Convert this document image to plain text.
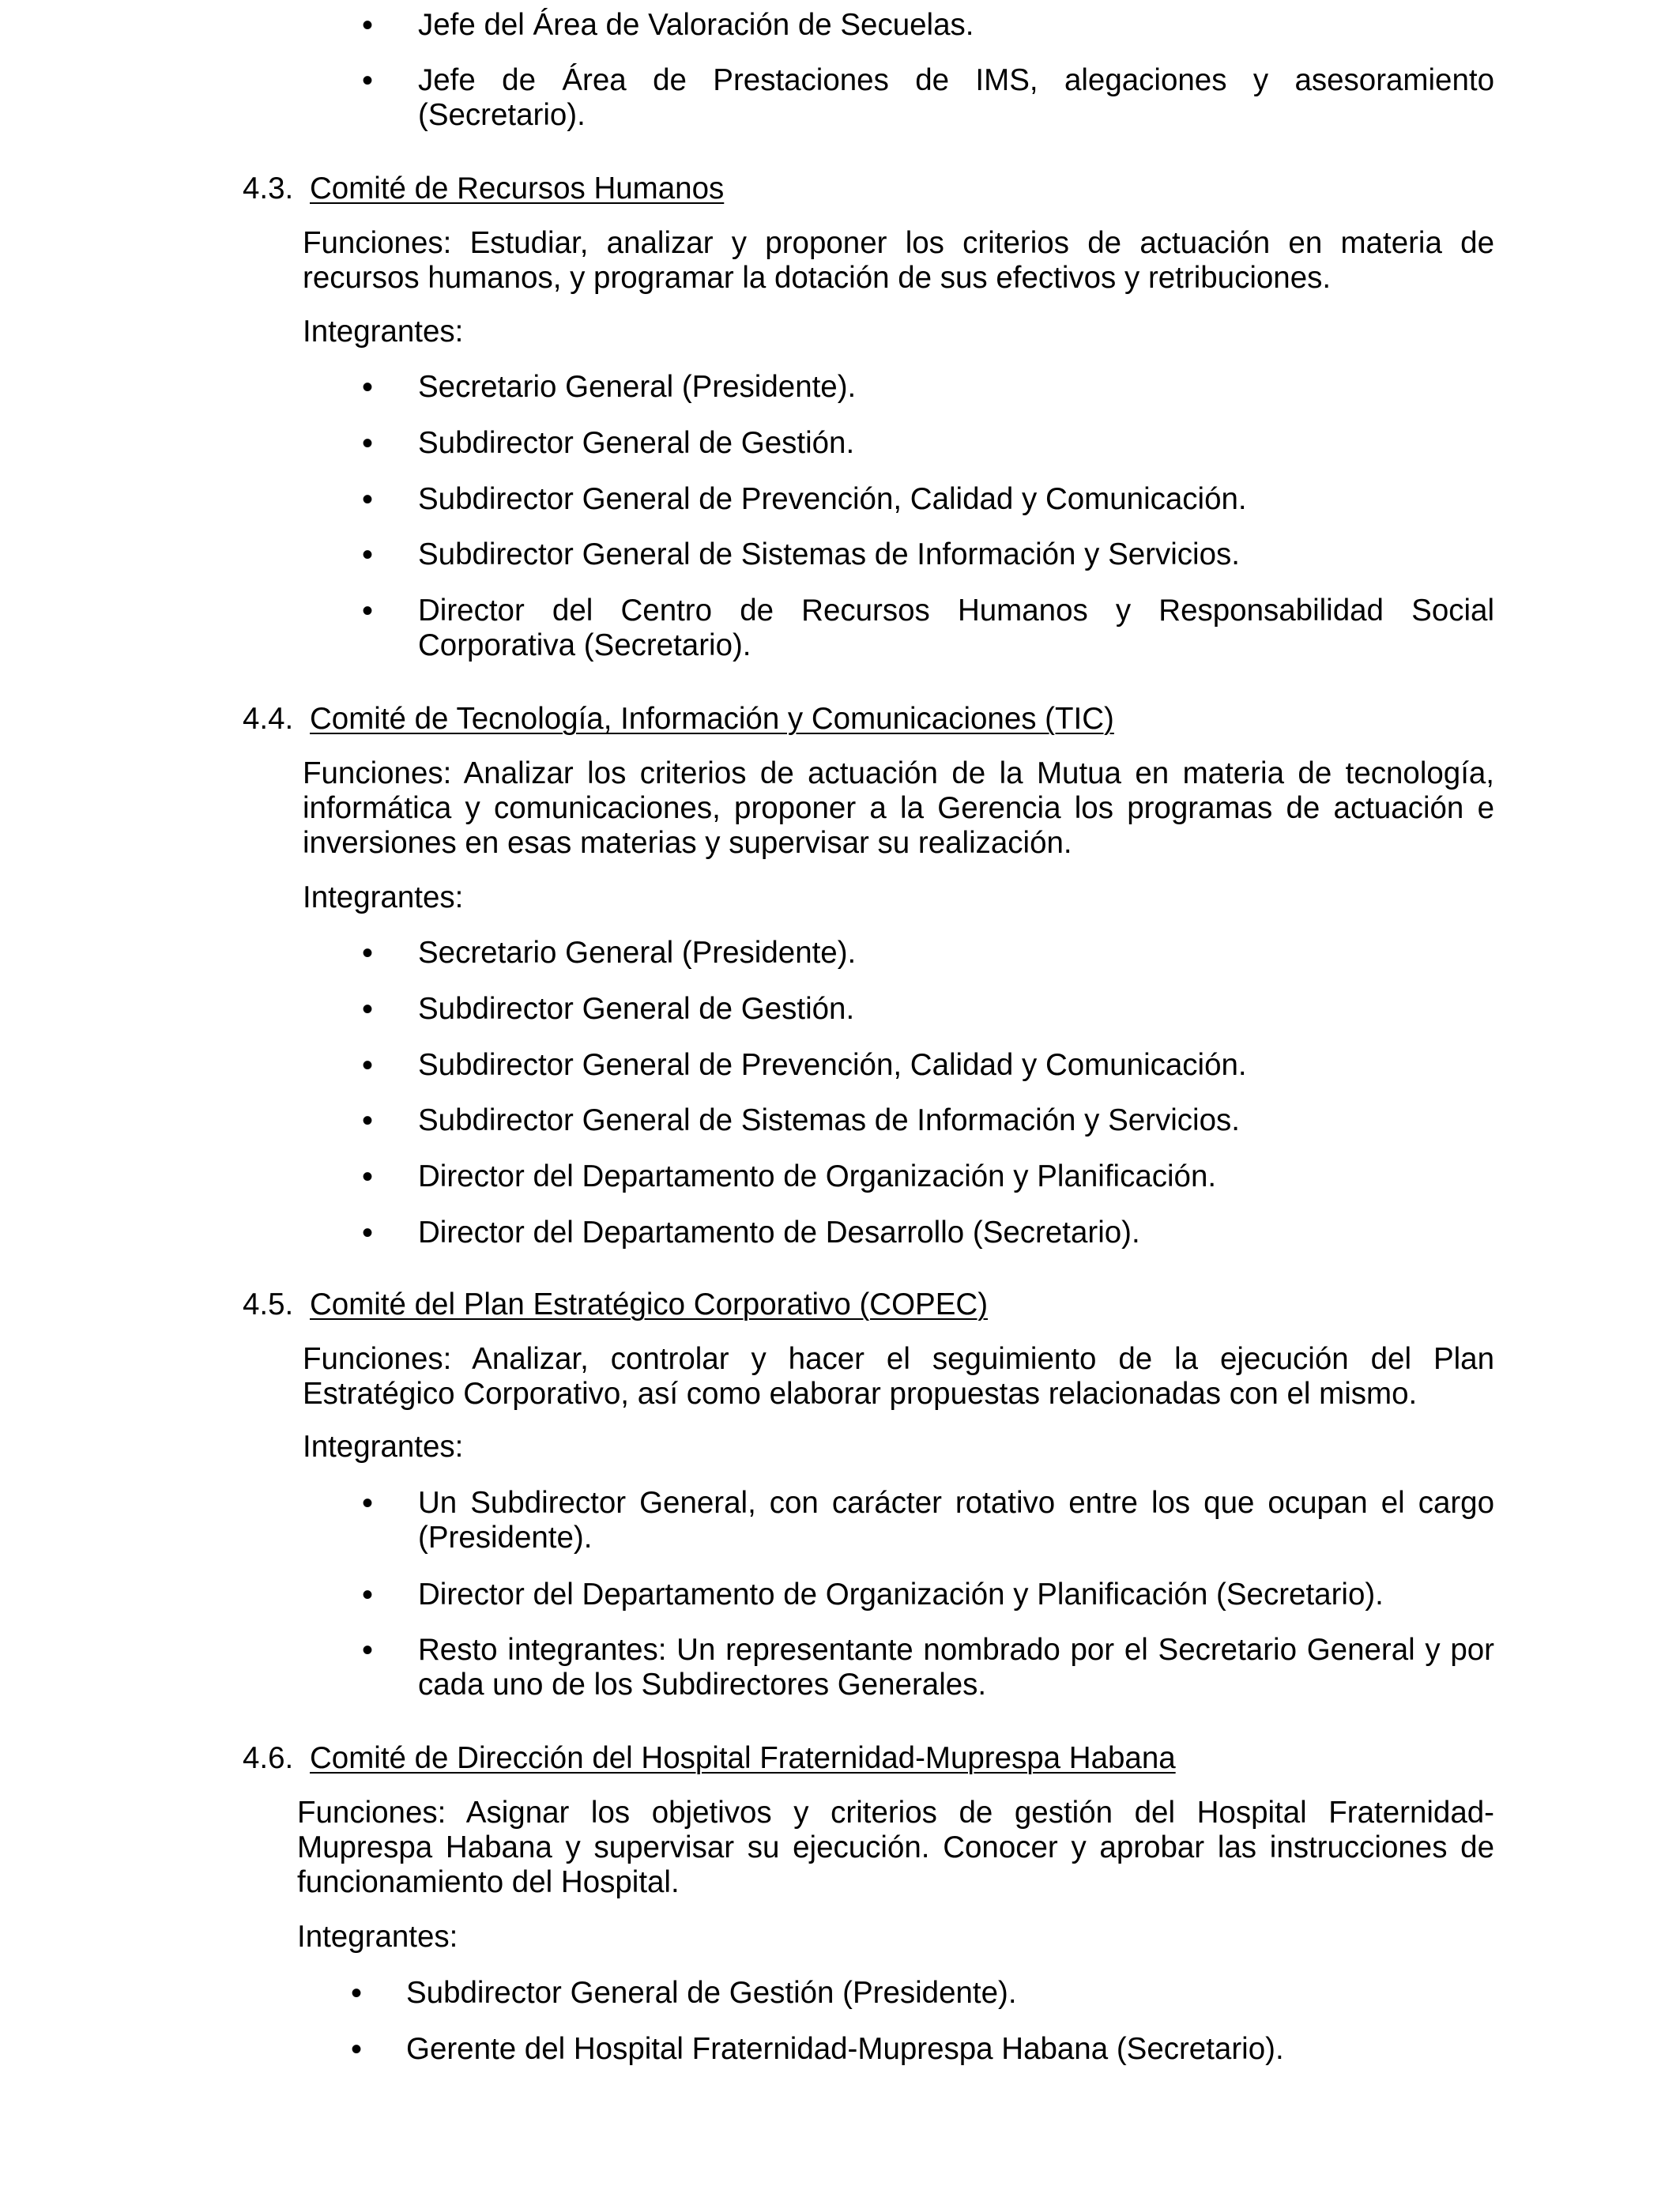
• Jefe del Área de Valoración de Secuelas.
• Jefe de Área de Prestaciones de IMS, alegaciones y asesoramiento (Secretario).
4.3. Comité de Recursos Humanos
Funciones: Estudiar, analizar y proponer los criterios de actuación en materia de recursos humanos, y programar la dotación de sus efectivos y retribuciones.
Integrantes:
• Secretario General (Presidente).
• Subdirector General de Gestión.
• Subdirector General de Prevención, Calidad y Comunicación.
• Subdirector General de Sistemas de Información y Servicios.
• Director del Centro de Recursos Humanos y Responsabilidad Social Corporativa (Secretario).
4.4. Comité de Tecnología, Información y Comunicaciones (TIC)
Funciones: Analizar los criterios de actuación de la Mutua en materia de tecnología, informática y comunicaciones, proponer a la Gerencia los programas de actuación e inversiones en esas materias y supervisar su realización.
Integrantes:
• Secretario General (Presidente).
• Subdirector General de Gestión.
• Subdirector General de Prevención, Calidad y Comunicación.
• Subdirector General de Sistemas de Información y Servicios.
• Director del Departamento de Organización y Planificación.
• Director del Departamento de Desarrollo (Secretario).
4.5. Comité del Plan Estratégico Corporativo (COPEC)
Funciones: Analizar, controlar y hacer el seguimiento de la ejecución del Plan Estratégico Corporativo, así como elaborar propuestas relacionadas con el mismo.
Integrantes:
• Un Subdirector General, con carácter rotativo entre los que ocupan el cargo (Presidente).
• Director del Departamento de Organización y Planificación (Secretario).
• Resto integrantes: Un representante nombrado por el Secretario General y por cada uno de los Subdirectores Generales.
4.6. Comité de Dirección del Hospital Fraternidad-Muprespa Habana
Funciones: Asignar los objetivos y criterios de gestión del Hospital Fraternidad-Muprespa Habana y supervisar su ejecución. Conocer y aprobar las instrucciones de funcionamiento del Hospital.
Integrantes:
• Subdirector General de Gestión (Presidente).
• Gerente del Hospital Fraternidad-Muprespa Habana (Secretario).
